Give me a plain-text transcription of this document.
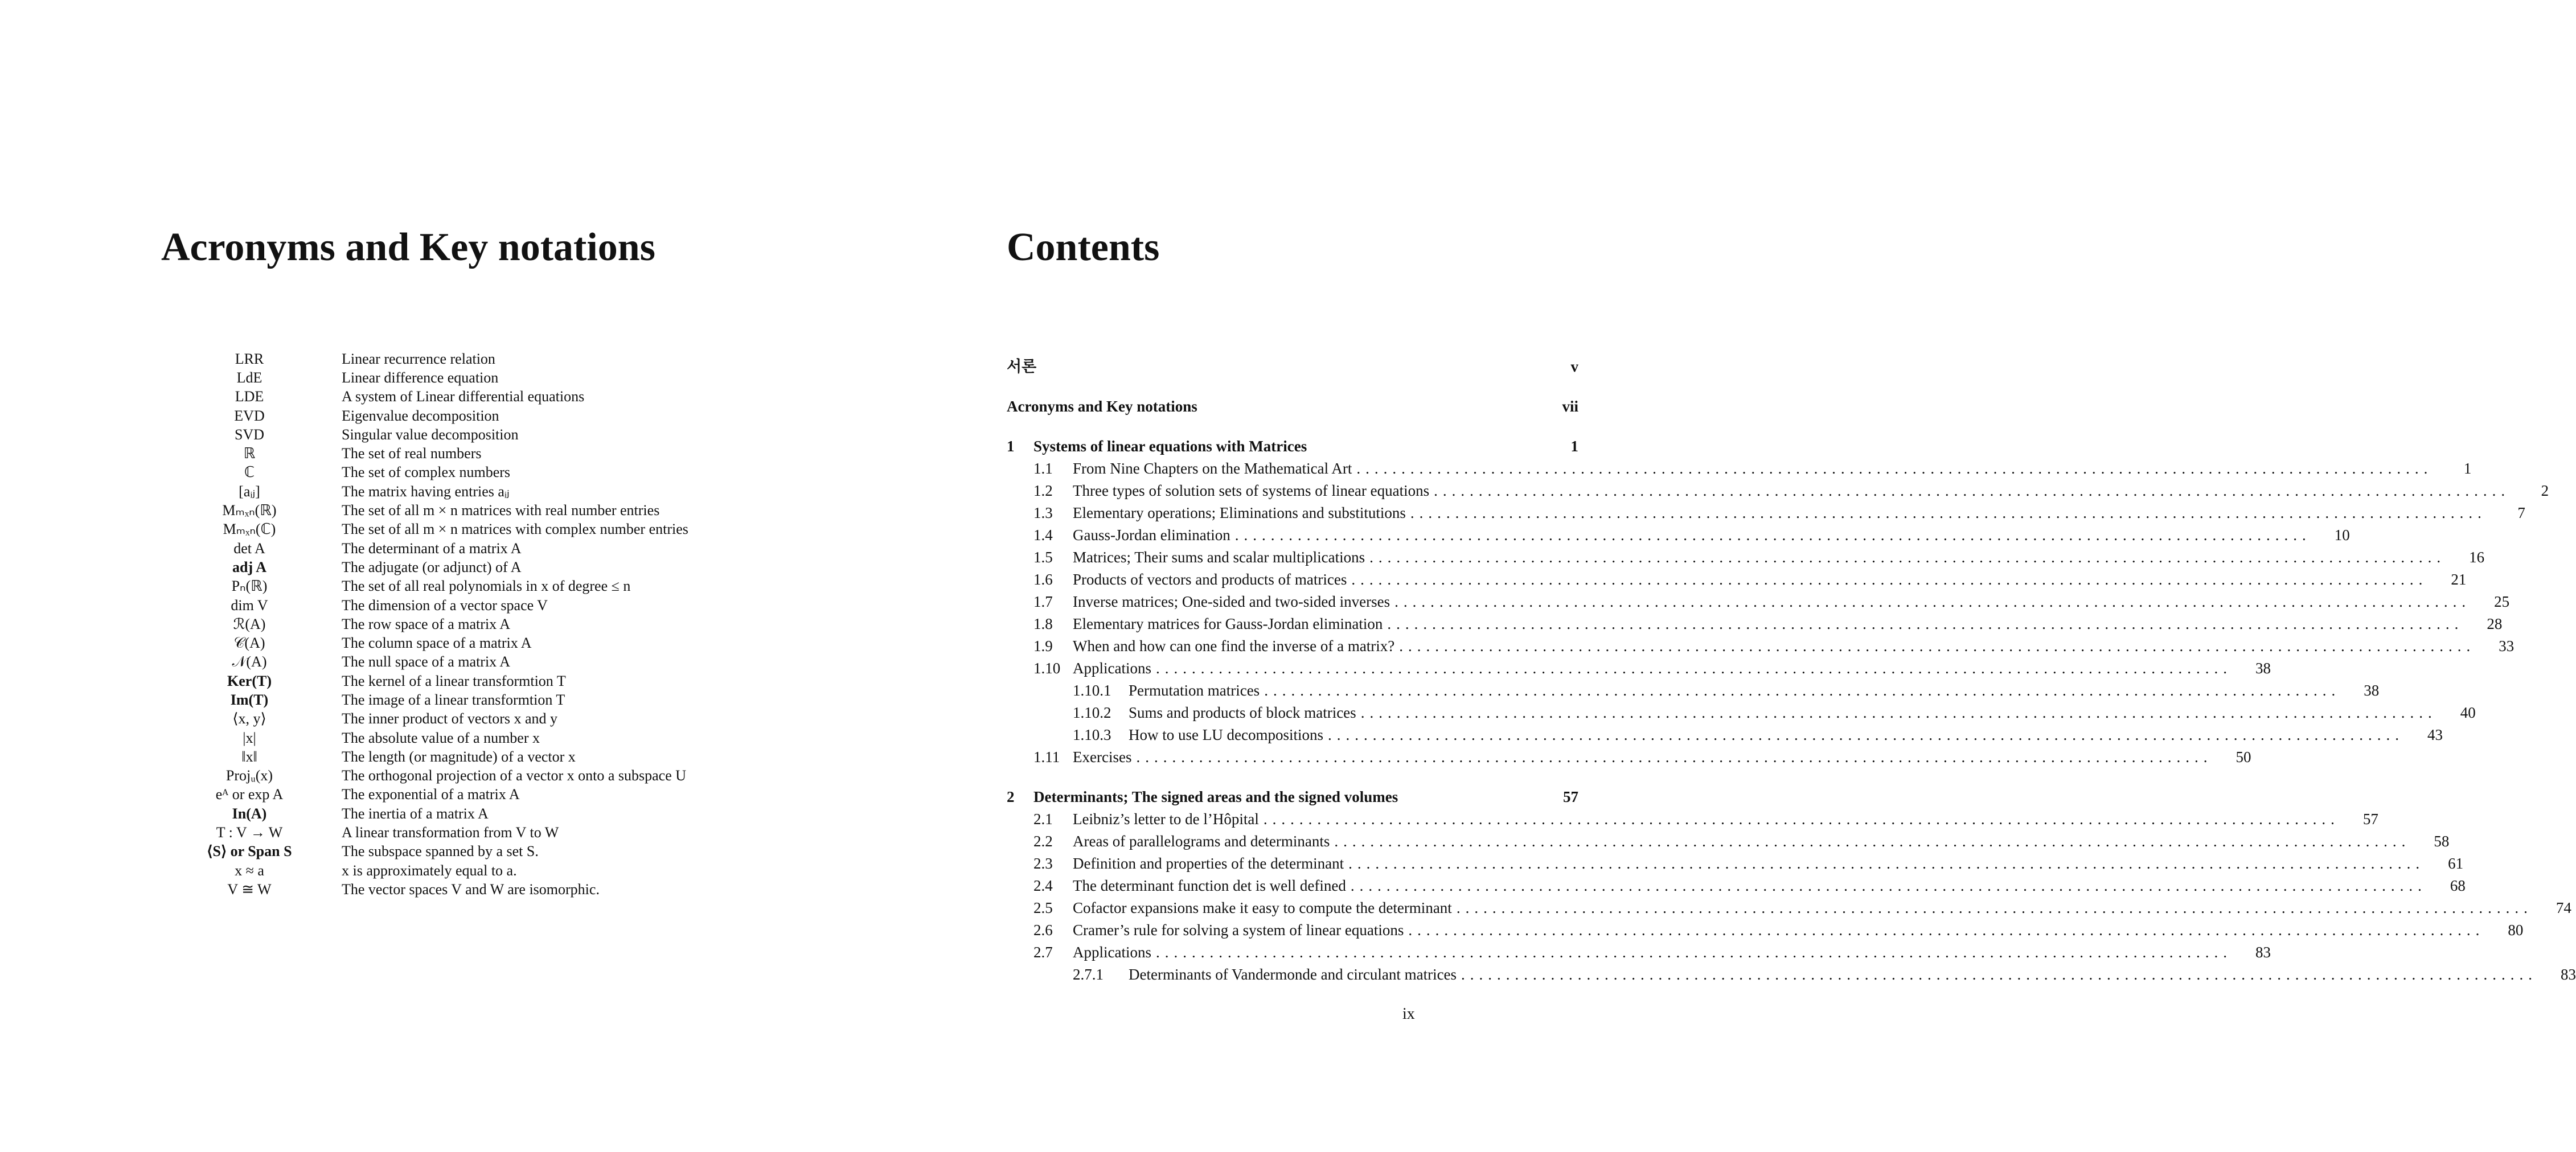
Acronyms and Key notations
LRR	Linear recurrence relation
LdE	Linear difference equation
LDE	A system of Linear differential equations
EVD	Eigenvalue decomposition
SVD	Singular value decomposition
ℝ	The set of real numbers
ℂ	The set of complex numbers
[aᵢⱼ]	The matrix having entries aᵢⱼ
Mₘₓₙ(ℝ)	The set of all m × n matrices with real number entries
Mₘₓₙ(ℂ)	The set of all m × n matrices with complex number entries
det A	The determinant of a matrix A
adj A	The adjugate (or adjunct) of A
Pₙ(ℝ)	The set of all real polynomials in x of degree ≤ n
dim V	The dimension of a vector space V
ℛ(A)	The row space of a matrix A
𝒞(A)	The column space of a matrix A
𝒩(A)	The null space of a matrix A
Ker(T)	The kernel of a linear transformtion T
Im(T)	The image of a linear transformtion T
⟨x, y⟩	The inner product of vectors x and y
|x|	The absolute value of a number x
‖x‖	The length (or magnitude) of a vector x
Projᵤ(x)	The orthogonal projection of a vector x onto a subspace U
eᴬ or exp A	The exponential of a matrix A
In(A)	The inertia of a matrix A
T : V → W	A linear transformation from V to W
⟨S⟩ or Span S	The subspace spanned by a set S.
x ≈ a	x is approximately equal to a.
V ≅ W	The vector spaces V and W are isomorphic.
Contents
서론	v
Acronyms and Key notations	vii
1	Systems of linear equations with Matrices	1
1.1	From Nine Chapters on the Mathematical Art ........................................................................................................................	1
1.2	Three types of solution sets of systems of linear equations ........................................................................................................................	2
1.3	Elementary operations; Eliminations and substitutions ........................................................................................................................	7
1.4	Gauss-Jordan elimination ........................................................................................................................	10
1.5	Matrices; Their sums and scalar multiplications ........................................................................................................................	16
1.6	Products of vectors and products of matrices ........................................................................................................................	21
1.7	Inverse matrices; One-sided and two-sided inverses ........................................................................................................................	25
1.8	Elementary matrices for Gauss-Jordan elimination ........................................................................................................................	28
1.9	When and how can one find the inverse of a matrix? ........................................................................................................................	33
1.10 Applications ........................................................................................................................	38
1.10.1	Permutation matrices ........................................................................................................................	38
1.10.2	Sums and products of block matrices ........................................................................................................................	40
1.10.3	How to use LU decompositions ........................................................................................................................	43
1.11 Exercises ........................................................................................................................	50
2	Determinants; The signed areas and the signed volumes	57
2.1	Leibniz’s letter to de l’Hôpital ........................................................................................................................	57
2.2	Areas of parallelograms and determinants ........................................................................................................................	58
2.3	Definition and properties of the determinant ........................................................................................................................	61
2.4	The determinant function det is well defined ........................................................................................................................	68
2.5	Cofactor expansions make it easy to compute the determinant ........................................................................................................................	74
2.6	Cramer’s rule for solving a system of linear equations ........................................................................................................................	80
2.7	Applications ........................................................................................................................	83
2.7.1	Determinants of Vandermonde and circulant matrices ........................................................................................................................	83
ix
